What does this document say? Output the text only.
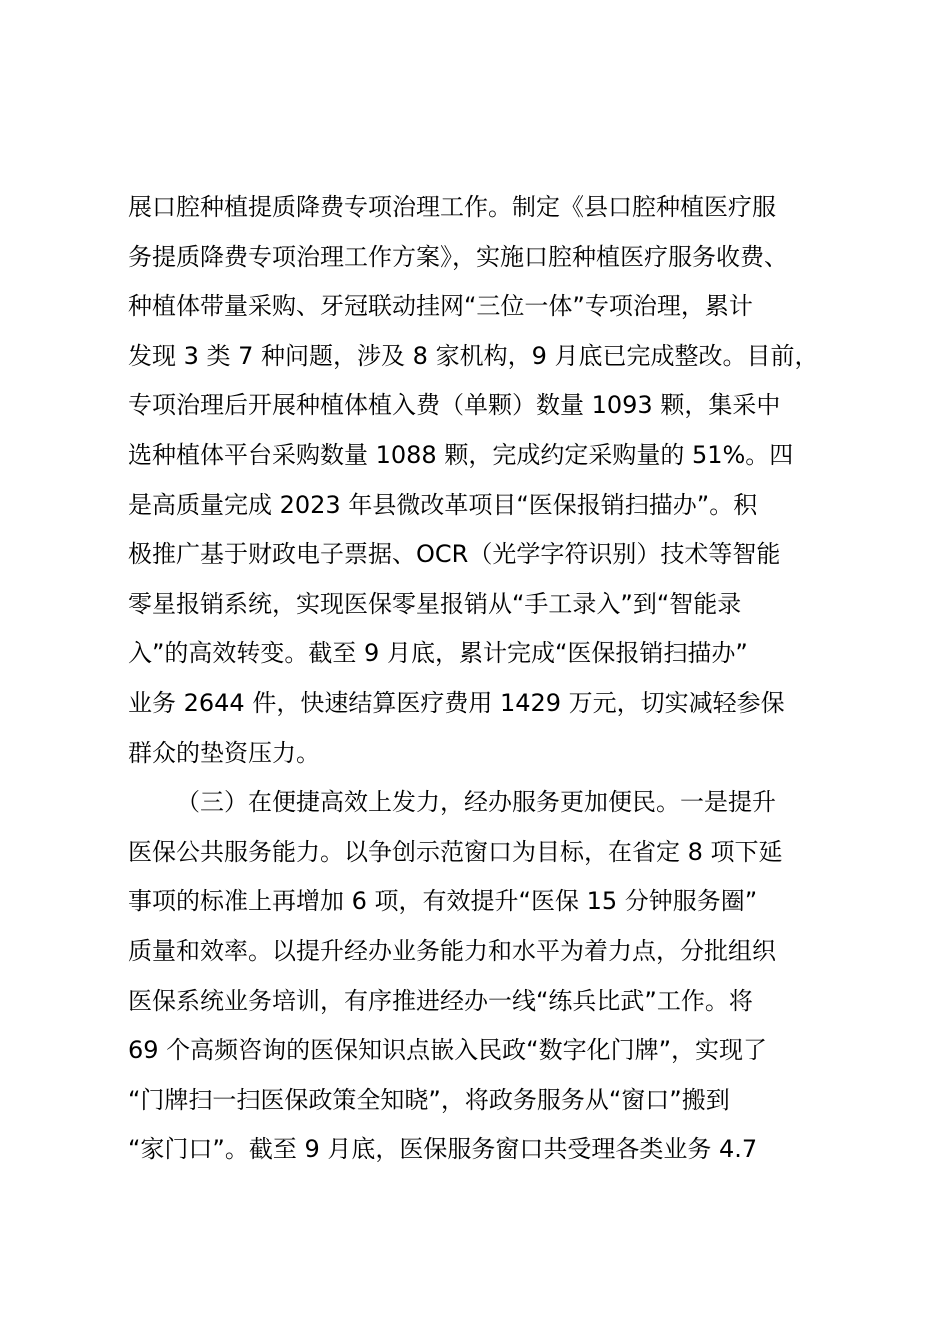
展口腔种植提质降费专项治理工作。制定《县口腔种植医疗服
务提质降费专项治理工作方案》，实施口腔种植医疗服务收费、
种植体带量采购、牙冠联动挂网“三位一体”专项治理，累计
发现 3 类 7 种问题，涉及 8 家机构，9 月底已完成整改。目前，
专项治理后开展种植体植入费（单颗）数量 1093 颗，集采中
选种植体平台采购数量 1088 颗，完成约定采购量的 51%。四
是高质量完成 2023 年县微改革项目“医保报销扫描办”。积
极推广基于财政电子票据、OCR（光学字符识别）技术等智能
零星报销系统，实现医保零星报销从“手工录入”到“智能录
入”的高效转变。截至 9 月底，累计完成“医保报销扫描办”
业务 2644 件，快速结算医疗费用 1429 万元，切实减轻参保
群众的垫资压力。
（三）在便捷高效上发力，经办服务更加便民。一是提升
医保公共服务能力。以争创示范窗口为目标，在省定 8 项下延
事项的标准上再增加 6 项，有效提升“医保 15 分钟服务圈”
质量和效率。以提升经办业务能力和水平为着力点，分批组织
医保系统业务培训，有序推进经办一线“练兵比武”工作。将
69 个高频咨询的医保知识点嵌入民政“数字化门牌”，实现了
“门牌扫一扫医保政策全知晓”，将政务服务从“窗口”搬到
“家门口”。截至 9 月底，医保服务窗口共受理各类业务 4.7
